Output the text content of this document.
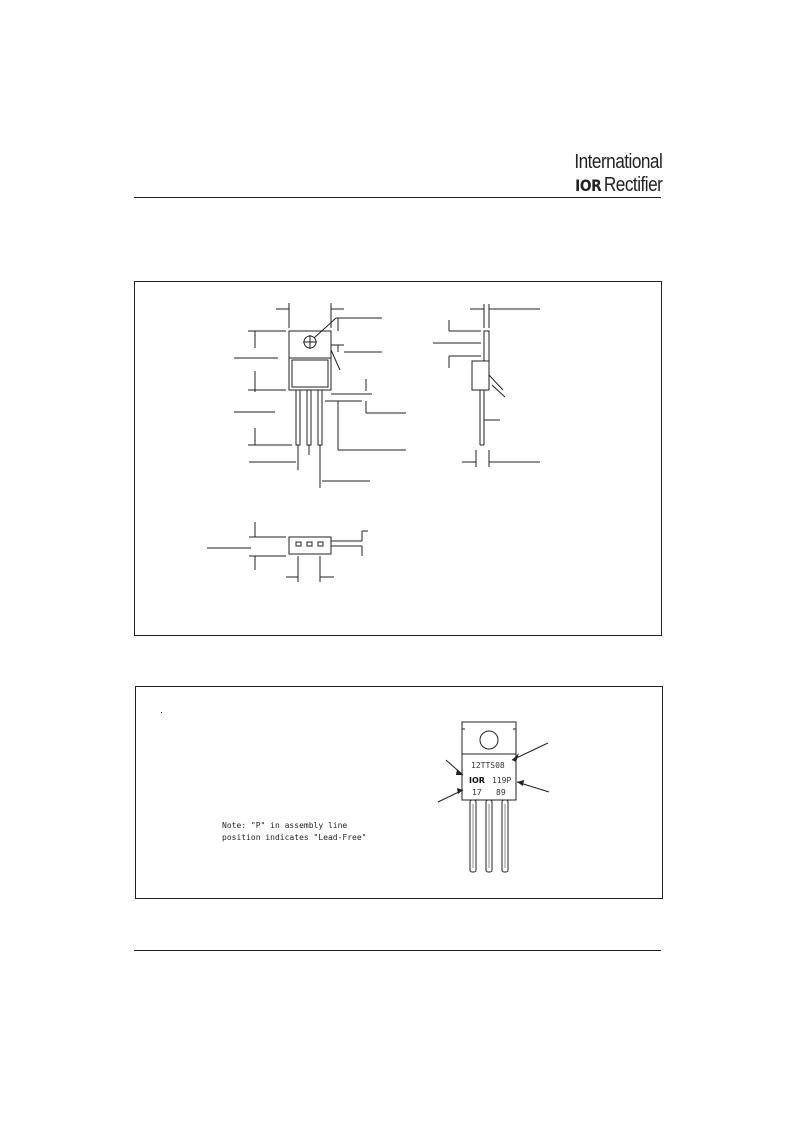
International
IOR Rectifier
12TTS08
IOR 119P
17 89
Note: "P" in assembly line
position indicates "Lead-Free"
